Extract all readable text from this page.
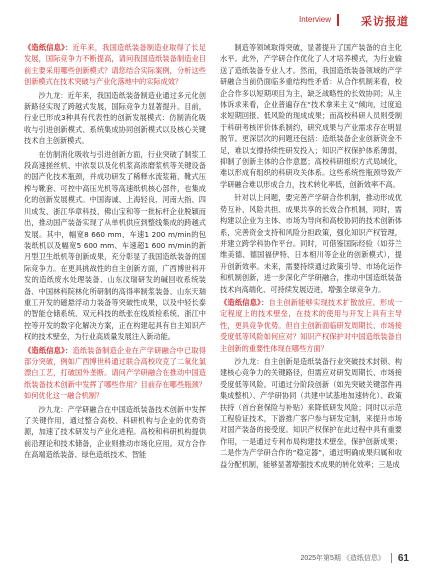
Interview	采访报道

《造纸信息》：近年来，我国造纸装备制造业取得了长足发展，国际竞争力不断提高，请问我国造纸装备制造业目前主要采用哪些创新模式？请您结合实际案例，分析这些创新模式在技术突破与产业化落地中的实际成效？

沙九龙：近年来，我国造纸装备制造业通过多元化创新路径实现了跨越式发展，国际竞争力显著提升。目前，行业已形成3种具有代表性的创新发展模式：仿制消化吸收与引进创新模式、系统集成协同创新模式以及核心关键技术自主创新模式。

在仿制消化吸收与引进创新方面，行业突破了制浆工段高速搓丝机、中浓泵以及化机浆高浓磨浆机等关键设备的国产化技术瓶颈，并成功研发了稀释水流浆箱、靴式压榨与靴套、可控中高压光机等高速纸机核心部件，也集成化的创新发展模式。中国海诚、上海轻良、河南大指、四川成发、浙江华章科技、佛山宝和等一批标杆企业脱颖而出，推动国产装备实现了从单机供应到整线集成的跨越式发展。其中，幅宽8 660 mm、车速1 200 m/min的包装纸机以及幅宽5 600 mm、车速超1 600 m/min的新月型卫生纸机等创新成果，充分彰显了我国造纸装备的国际竞争力。在更具挑战性的自主创新方面，广西博世科开发的造纸废水处理装备、山东汶瑞研发的碱回收系统装备、中国林科院林化所研制的高得率制浆装备、山东天瑞重工开发的磁悬浮动力装备等突破性成果，以及中轻长泰的智能仓储系统、双元科技的纸张在线质检系统、浙江中控等开发的数字化解决方案，正在构建起具有自主知识产权的技术壁垒，为行业高质量发展注入新动能。

《造纸信息》：造纸装备制造企业在产学研融合中已取得部分突破，例如广西博世科通过联合高校攻克了二氧化氯漂白工艺，打破国外垄断。请问产学研融合在推动中国造纸装备技术创新中发挥了哪些作用？目前存在哪些瓶颈？如何优化这一融合机制？

沙九龙：产学研融合在中国造纸装备技术创新中发挥了关键作用，通过整合高校、科研机构与企业的优势资源，加速了技术研发与产业化进程。高校和科研机构提供前沿理论和技术储备，企业则推动市场化应用。双方合作在高端造纸装备、绿色造纸技术、智能

制造等领域取得突破，显著提升了国产装备的自主化水平。此外，产学研合作优化了人才培养模式，为行业输送了造纸装备专业人才。然而，我国造纸装备领域的产学研融合当前仍面临多重结构性矛盾：从合作机制来看，校企合作多以短期项目为主，缺乏战略性的长效协同；从主体诉求来看，企业普遍存在“技术拿来主义”倾向，过度追求短期回报、低风险的现成成果；而高校科研人员则受制于科研考核评价体系制约，研究成果与产业需求存在明显脱节。更深层次的问题还包括：造纸装备企业创新资金不足，难以支撑持续性研发投入；知识产权保护体系薄弱，抑制了创新主体的合作意愿；高校科研组织方式局域化，难以形成有组织的科研攻关体系。这些系统性瓶颈导致产学研融合难以形成合力，技术转化率低，创新效率不高。

针对以上问题，要完善产学研合作机制，推动形成优势互补、风险共担、成果共享的长效合作机制，同时，需构建以企业为主体、市场为导向和高校协同的技术创新体系，完善资金支持和风险分担政策，强化知识产权管理，并建立跨学科协作平台。同时，可借鉴国际经验（如芬兰维美德、德国福伊特、日本相川等企业的创新模式），提升创新效率。未来，需要持续通过政策引导、市场化运作和机制创新，进一步深化产学研融合，推动中国造纸装备技术向高端化、可持续发展迈进，增强全球竞争力。

《造纸信息》：自主创新能够实现技术扩散放应、形成一定程度上的技术壁垒，在技术的使用与开发上具有主导性，更具竞争优势。但自主创新面临研发周期长、市场接受度低等风险如何应对？知识产权保护对中国造纸装备自主创新的重要性体现在哪些方面？

沙九龙：自主创新是造纸装备行业突破技术封锁、构建核心竞争力的关键路径，但需应对研发周期长、市场接受度低等风险。可通过分阶段创新（如先突破关键部件再集成整机）、产学研协同（共建中试基地加速转化）、政策扶持（首台套保险与补贴）来降低研发风险；同时以示范工程验证技术，下游推广客户参与研发定制，来提升市场对国产装备的接受度。知识产权保护在此过程中具有重要作用，一是通过专利布局构建技术壁垒，保护创新成果；二是作为产学研合作的“稳定器”，通过明确成果归属和收益分配机制，能够显著增强技术成果的转化效率；三是成

2025年第5期 《造纸信息》 61
